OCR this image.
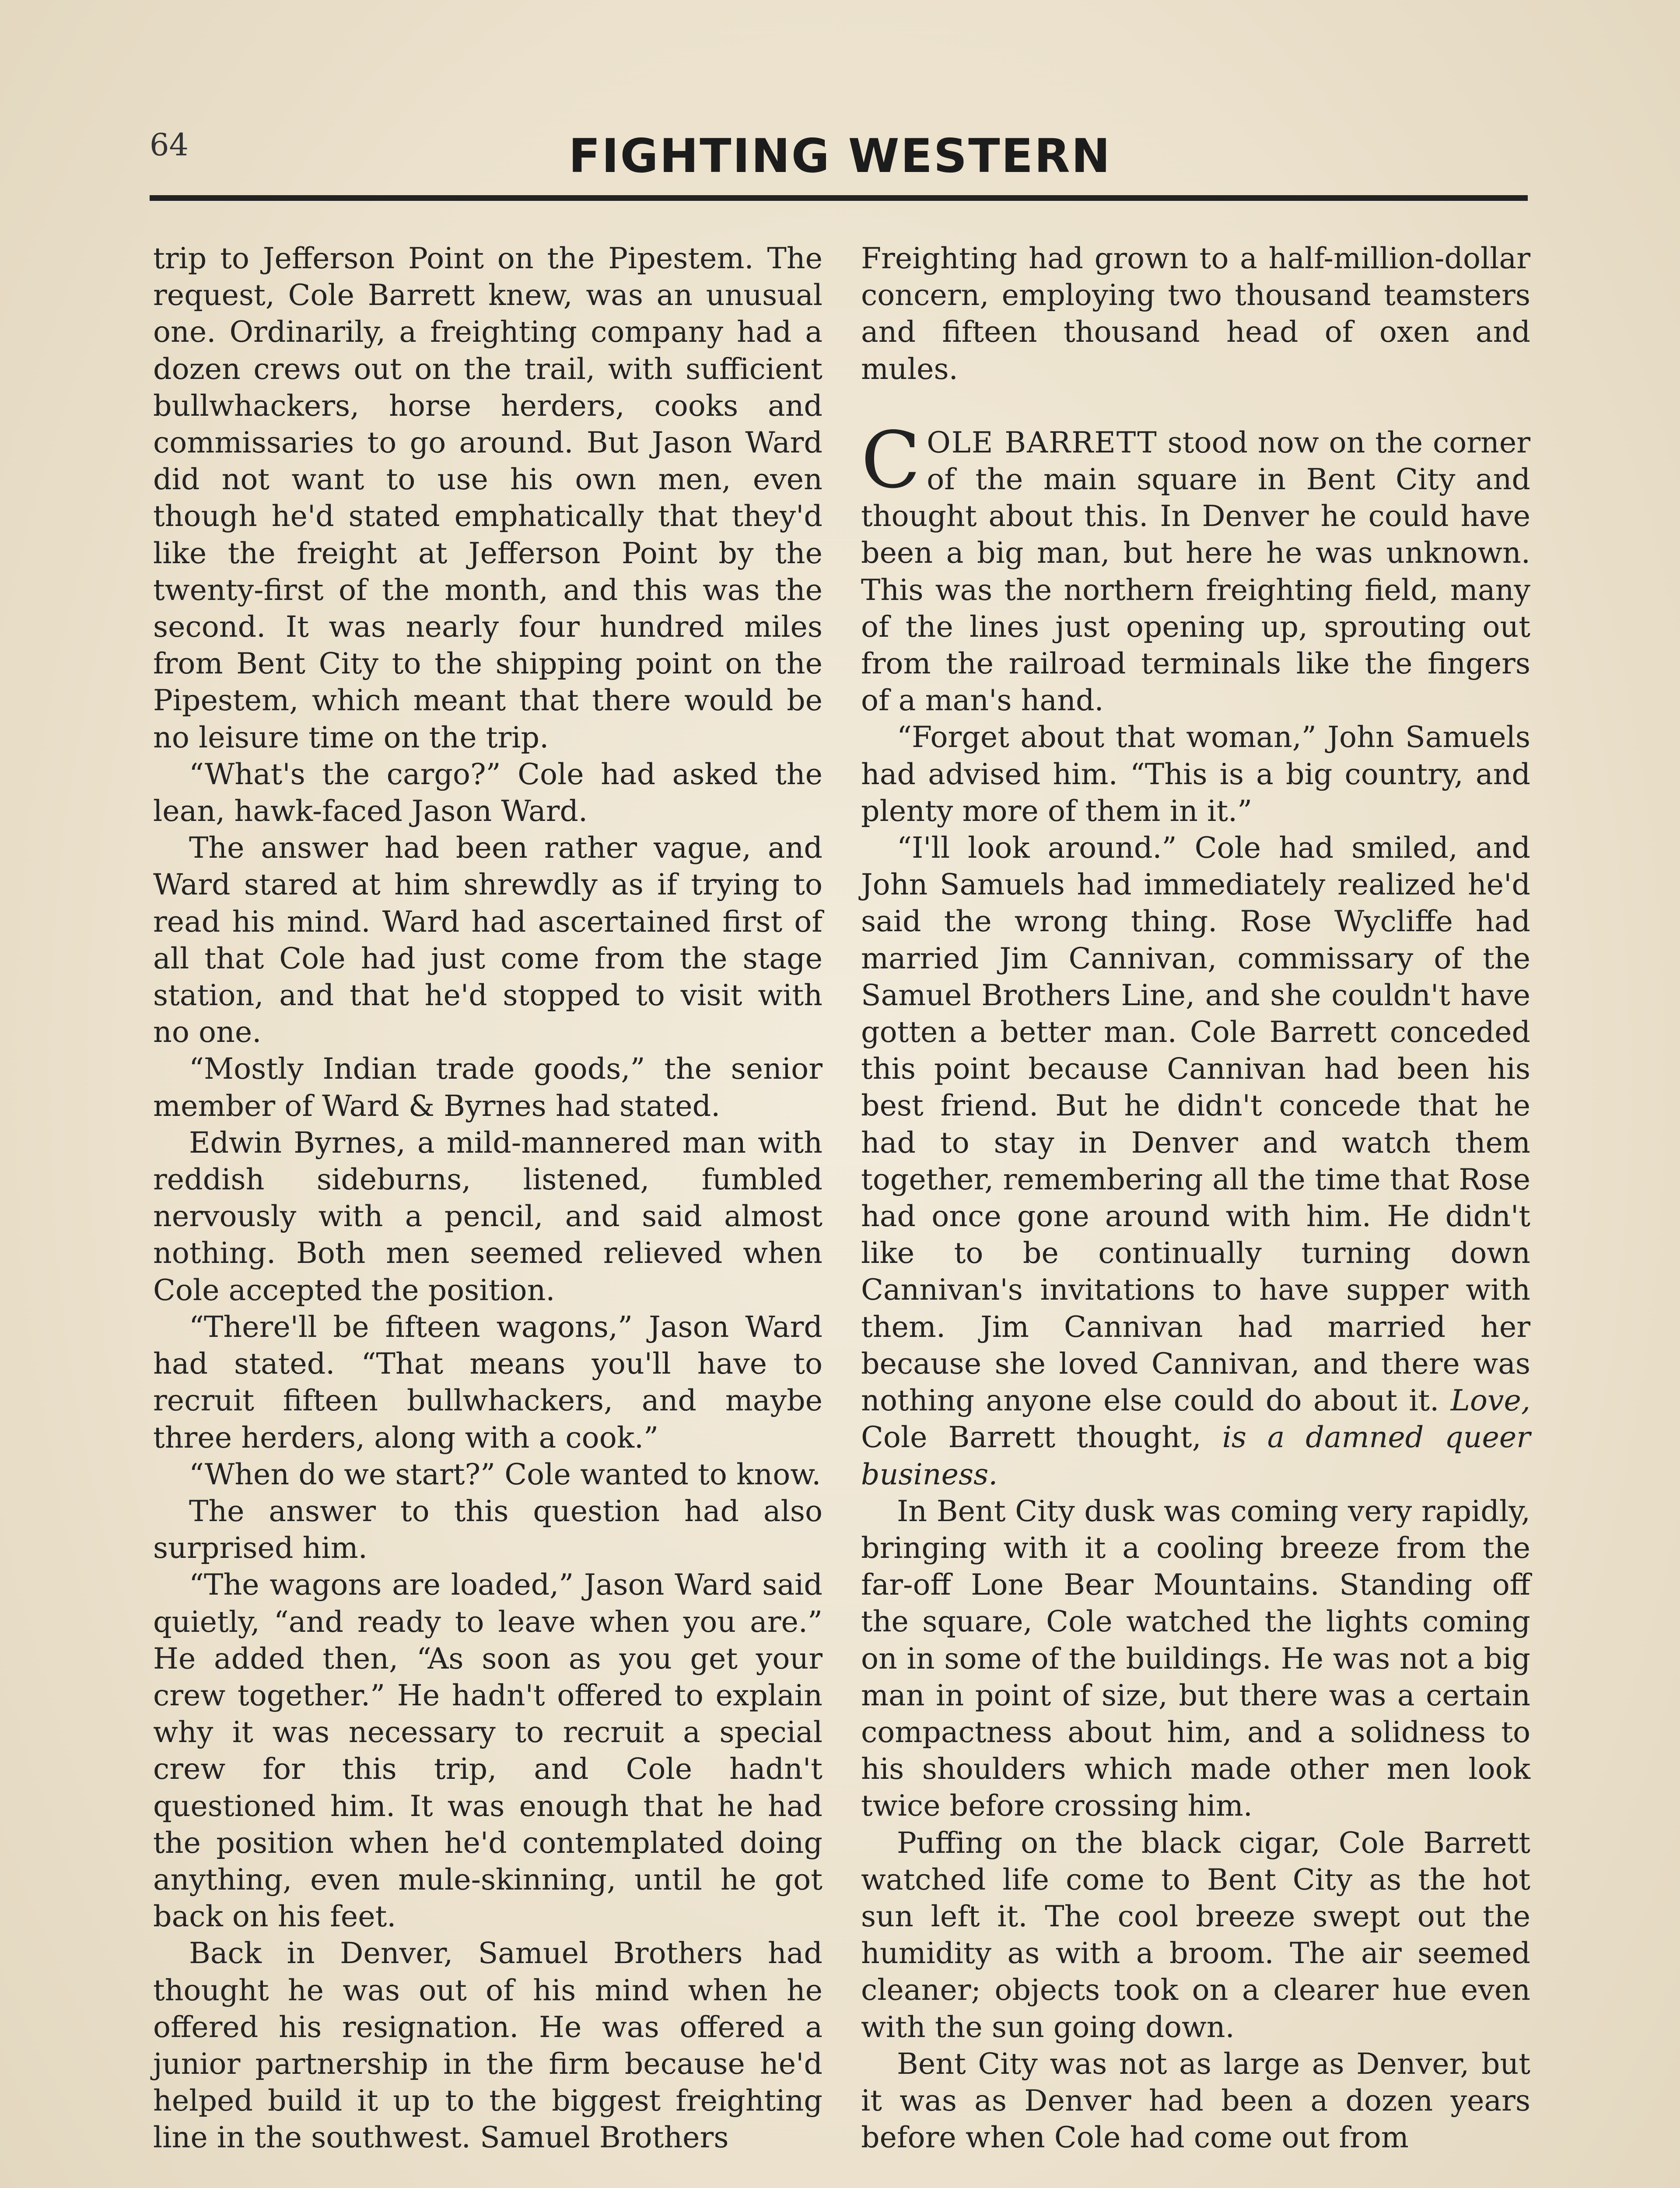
64	FIGHTING WESTERN

trip to Jefferson Point on the Pipestem. The request, Cole Barrett knew, was an unusual one. Ordinarily, a freighting company had a dozen crews out on the trail, with sufficient bullwhackers, horse herders, cooks and commissaries to go around. But Jason Ward did not want to use his own men, even though he'd stated emphatically that they'd like the freight at Jefferson Point by the twenty-first of the month, and this was the second. It was nearly four hundred miles from Bent City to the shipping point on the Pipestem, which meant that there would be no leisure time on the trip.

“What's the cargo?” Cole had asked the lean, hawk-faced Jason Ward.

The answer had been rather vague, and Ward stared at him shrewdly as if trying to read his mind. Ward had ascertained first of all that Cole had just come from the stage station, and that he'd stopped to visit with no one.

“Mostly Indian trade goods,” the senior member of Ward & Byrnes had stated.

Edwin Byrnes, a mild-mannered man with reddish sideburns, listened, fumbled nervously with a pencil, and said almost nothing. Both men seemed relieved when Cole accepted the position.

“There'll be fifteen wagons,” Jason Ward had stated. “That means you'll have to recruit fifteen bullwhackers, and maybe three herders, along with a cook.”

“When do we start?” Cole wanted to know.

The answer to this question had also surprised him.

“The wagons are loaded,” Jason Ward said quietly, “and ready to leave when you are.” He added then, “As soon as you get your crew together.” He hadn't offered to explain why it was necessary to recruit a special crew for this trip, and Cole hadn't questioned him. It was enough that he had the position when he'd contemplated doing anything, even mule-skinning, until he got back on his feet.

Back in Denver, Samuel Brothers had thought he was out of his mind when he offered his resignation. He was offered a junior partnership in the firm because he'd helped build it up to the biggest freighting line in the southwest. Samuel Brothers

Freighting had grown to a half-million-dollar concern, employing two thousand teamsters and fifteen thousand head of oxen and mules.

COLE BARRETT stood now on the corner of the main square in Bent City and thought about this. In Denver he could have been a big man, but here he was unknown. This was the northern freighting field, many of the lines just opening up, sprouting out from the railroad terminals like the fingers of a man's hand.

“Forget about that woman,” John Samuels had advised him. “This is a big country, and plenty more of them in it.”

“I'll look around.” Cole had smiled, and John Samuels had immediately realized he'd said the wrong thing. Rose Wycliffe had married Jim Cannivan, commissary of the Samuel Brothers Line, and she couldn't have gotten a better man. Cole Barrett conceded this point because Cannivan had been his best friend. But he didn't concede that he had to stay in Denver and watch them together, remembering all the time that Rose had once gone around with him. He didn't like to be continually turning down Cannivan's invitations to have supper with them. Jim Cannivan had married her because she loved Cannivan, and there was nothing anyone else could do about it. Love, Cole Barrett thought, is a damned queer business.

In Bent City dusk was coming very rapidly, bringing with it a cooling breeze from the far-off Lone Bear Mountains. Standing off the square, Cole watched the lights coming on in some of the buildings. He was not a big man in point of size, but there was a certain compactness about him, and a solidness to his shoulders which made other men look twice before crossing him.

Puffing on the black cigar, Cole Barrett watched life come to Bent City as the hot sun left it. The cool breeze swept out the humidity as with a broom. The air seemed cleaner; objects took on a clearer hue even with the sun going down.

Bent City was not as large as Denver, but it was as Denver had been a dozen years before when Cole had come out from
